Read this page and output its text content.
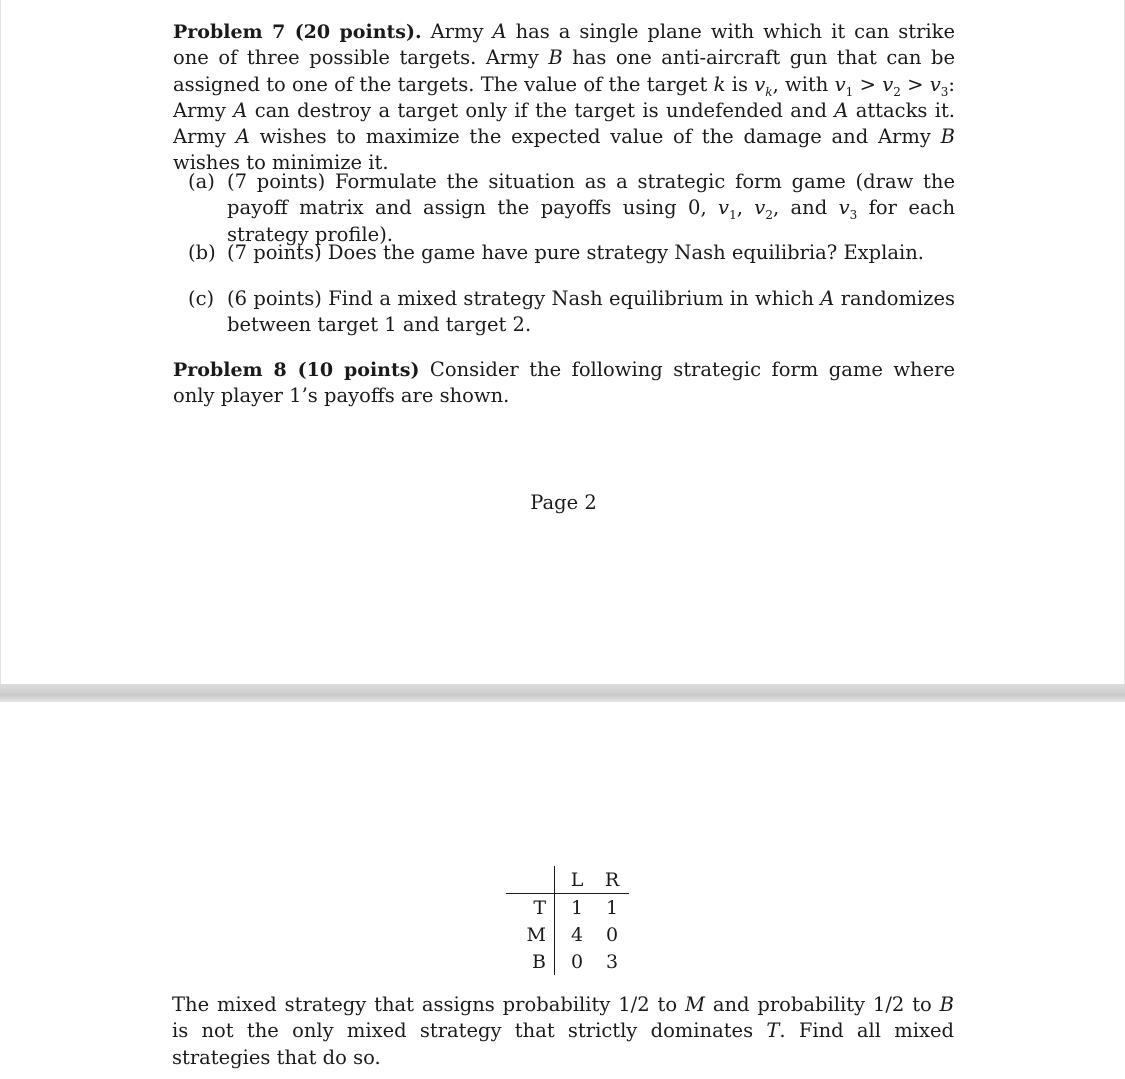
Problem 7 (20 points). Army A has a single plane with which it can strike one of three possible targets. Army B has one anti-aircraft gun that can be assigned to one of the targets. The value of the target k is $v_k$, with $v_1 > v_2 > v_3$: Army A can destroy a target only if the target is undefended and A attacks it. Army A wishes to maximize the expected value of the damage and Army B wishes to minimize it.

(a) (7 points) Formulate the situation as a strategic form game (draw the payoff matrix and assign the payoffs using 0, $v_1$, $v_2$, and $v_3$ for each strategy profile).
(b) (7 points) Does the game have pure strategy Nash equilibria? Explain.
(c) (6 points) Find a mixed strategy Nash equilibrium in which A randomizes between target 1 and target 2.

Problem 8 (10 points) Consider the following strategic form game where only player 1’s payoffs are shown.

Page 2
	L	R
T	1	1
M	4	0
B	0	3

The mixed strategy that assigns probability 1/2 to M and probability 1/2 to B is not the only mixed strategy that strictly dominates T. Find all mixed strategies that do so.
